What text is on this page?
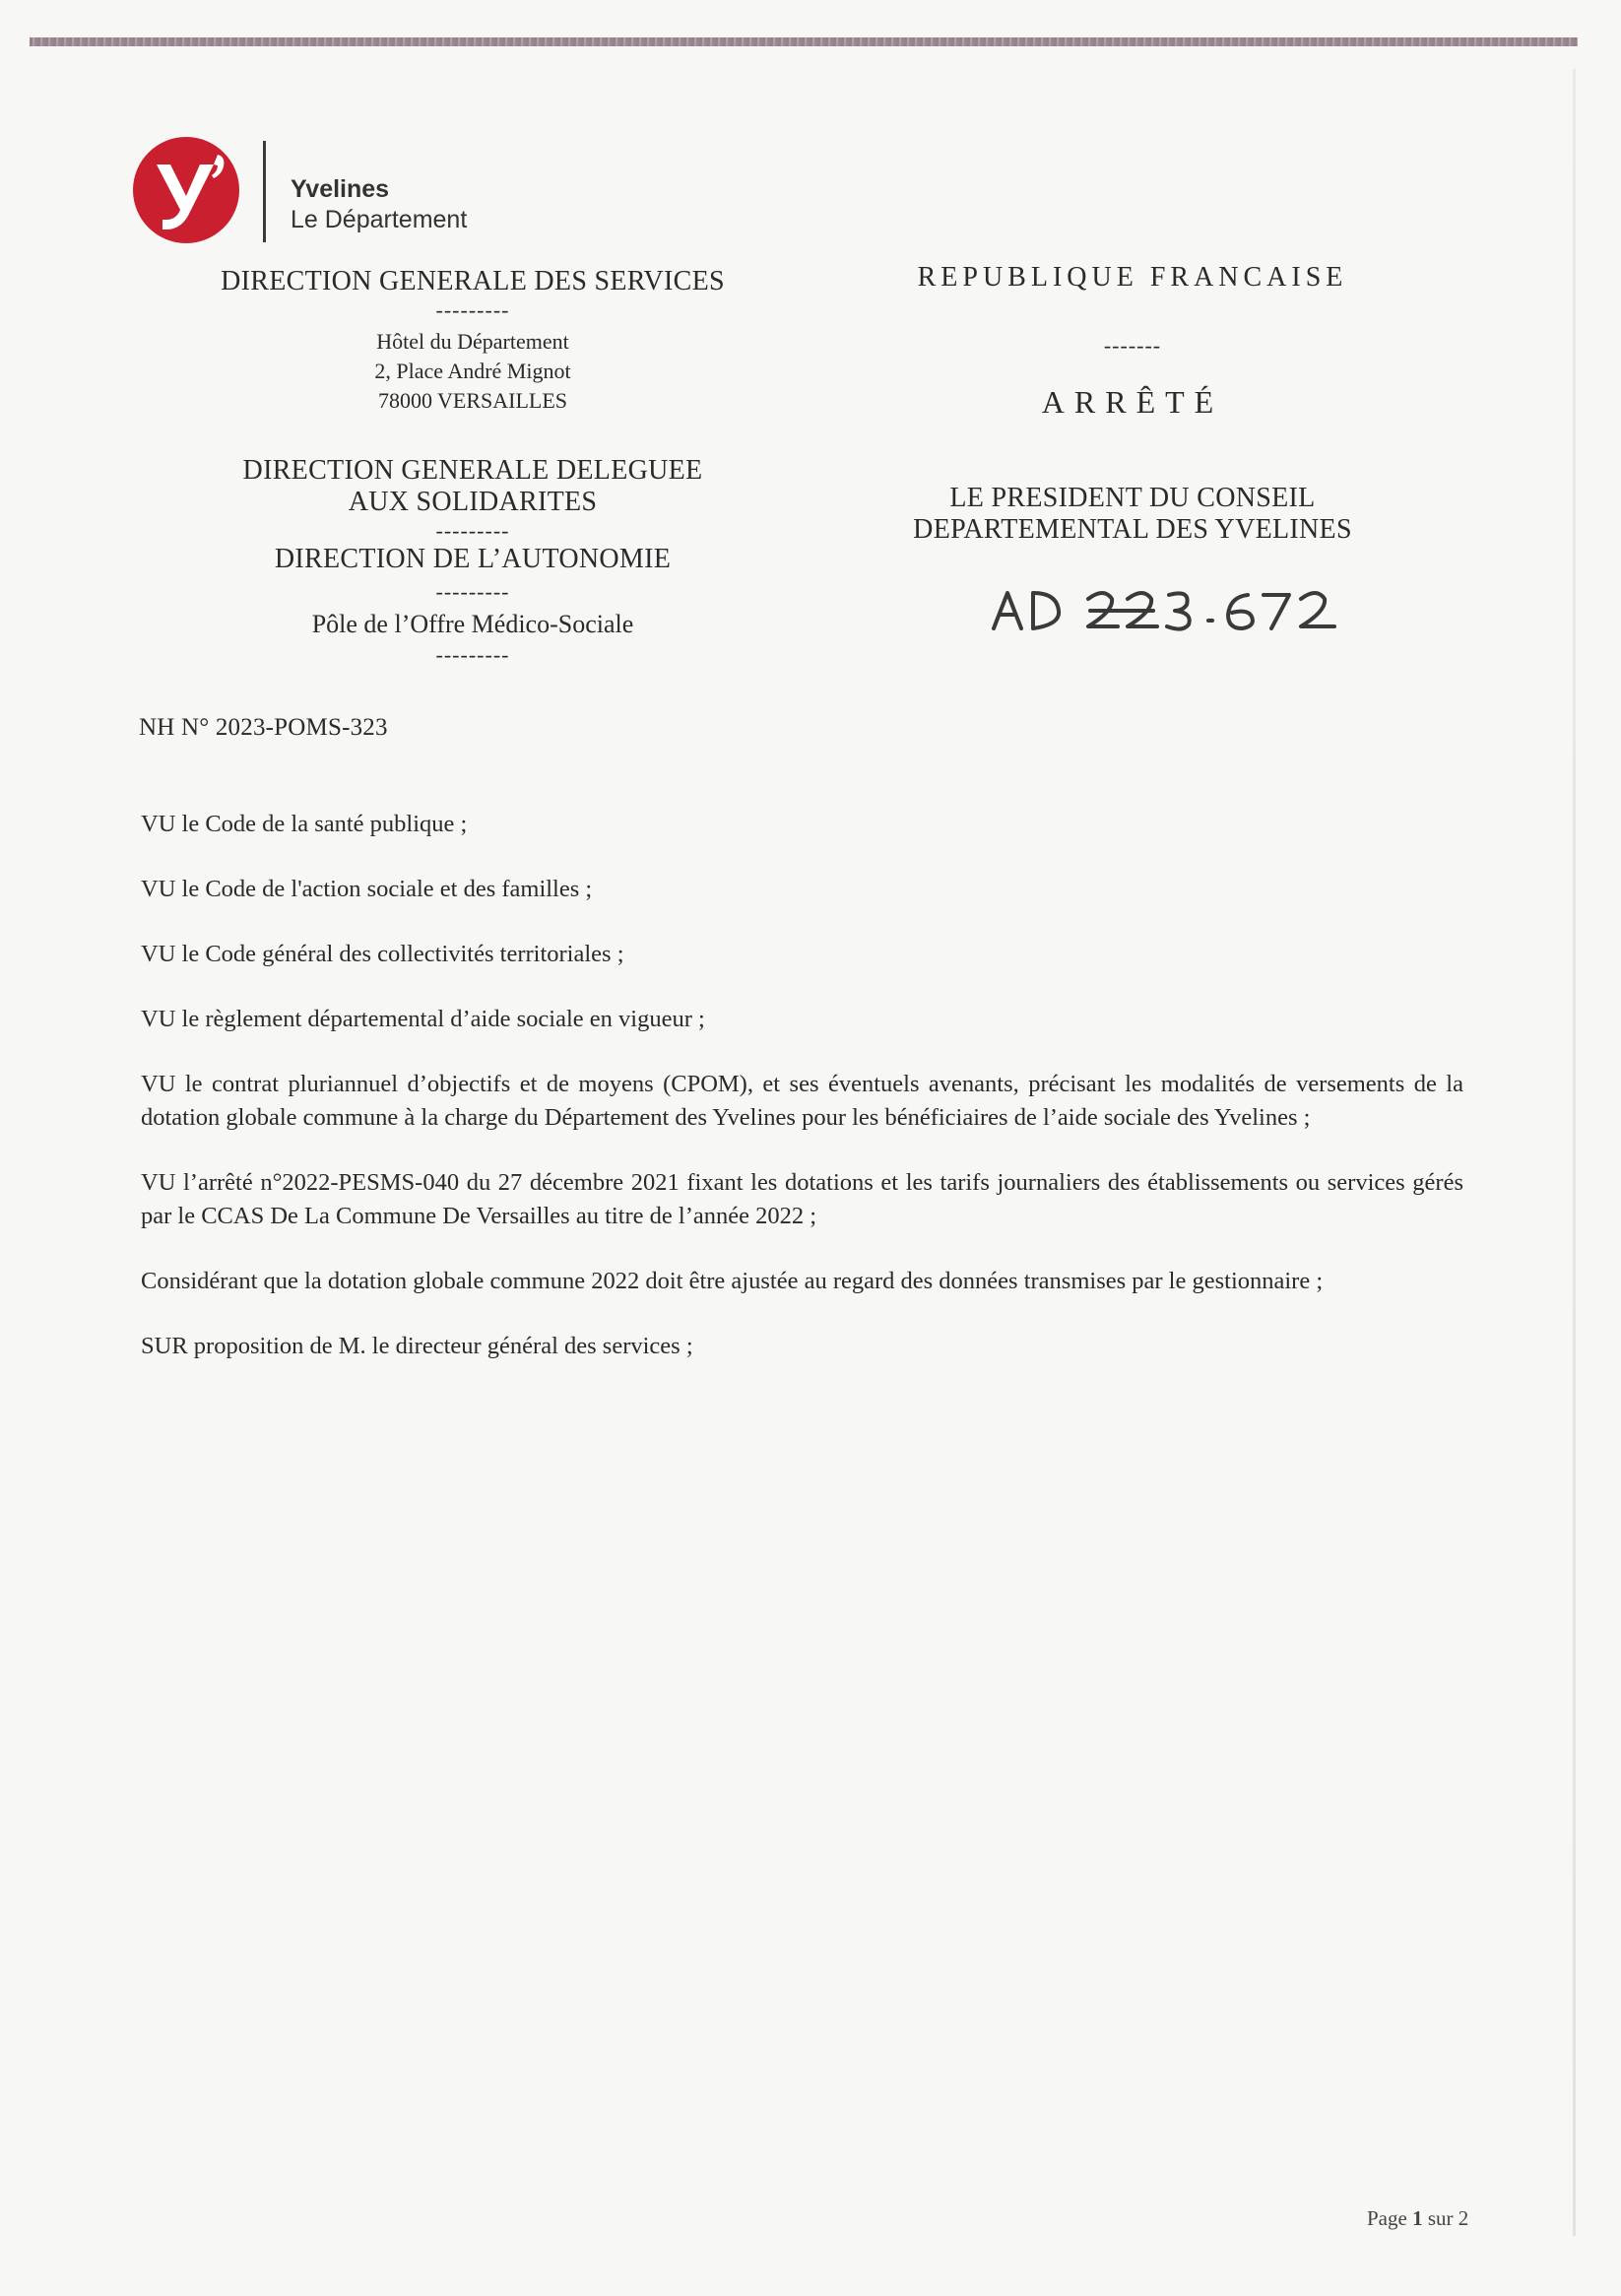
Yvelines
Le Département

DIRECTION GENERALE DES SERVICES

---------

Hôtel du Département

2, Place André Mignot

78000 VERSAILLES

DIRECTION GENERALE DELEGUEE

AUX SOLIDARITES

---------

DIRECTION DE L’AUTONOMIE

---------

Pôle de l’Offre Médico-Sociale

---------

REPUBLIQUE FRANCAISE

-------

ARRÊTÉ

LE PRESIDENT DU CONSEIL

DEPARTEMENTAL DES YVELINES

NH N° 2023-POMS-323

VU le Code de la santé publique ;

VU le Code de l'action sociale et des familles ;

VU le Code général des collectivités territoriales ;

VU le règlement départemental d’aide sociale en vigueur ;

VU le contrat pluriannuel d’objectifs et de moyens (CPOM), et ses éventuels avenants, précisant les modalités de versements de la dotation globale commune à la charge du Département des Yvelines pour les bénéficiaires de l’aide sociale des Yvelines ;

VU l’arrêté n°2022-PESMS-040 du 27 décembre 2021 fixant les dotations et les tarifs journaliers des établissements ou services gérés par le CCAS De La Commune De Versailles au titre de l’année 2022 ;

Considérant que la dotation globale commune 2022 doit être ajustée au regard des données transmises par le gestionnaire ;

SUR proposition de M. le directeur général des services ;

Page 1 sur 2
